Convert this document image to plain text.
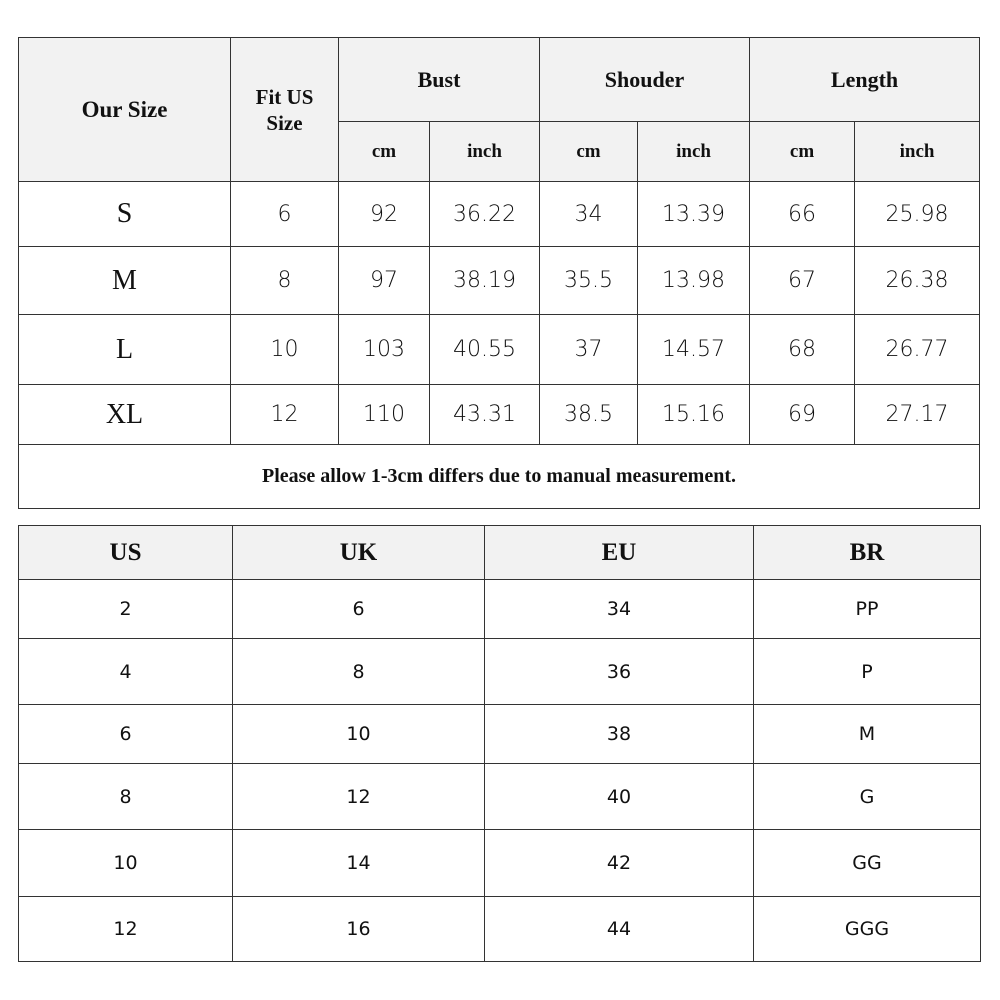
Our Size	Fit US Size	Bust		Shouder		Length	
		cm	inch	cm	inch	cm	inch
S	6	92	36.22	34	13.39	66	25.98
M	8	97	38.19	35.5	13.98	67	26.38
L	10	103	40.55	37	14.57	68	26.77
XL	12	110	43.31	38.5	15.16	69	27.17
Please allow 1-3cm differs due to manual measurement.							
US	UK	EU	BR
2	6	34	PP
4	8	36	P
6	10	38	M
8	12	40	G
10	14	42	GG
12	16	44	GGG
